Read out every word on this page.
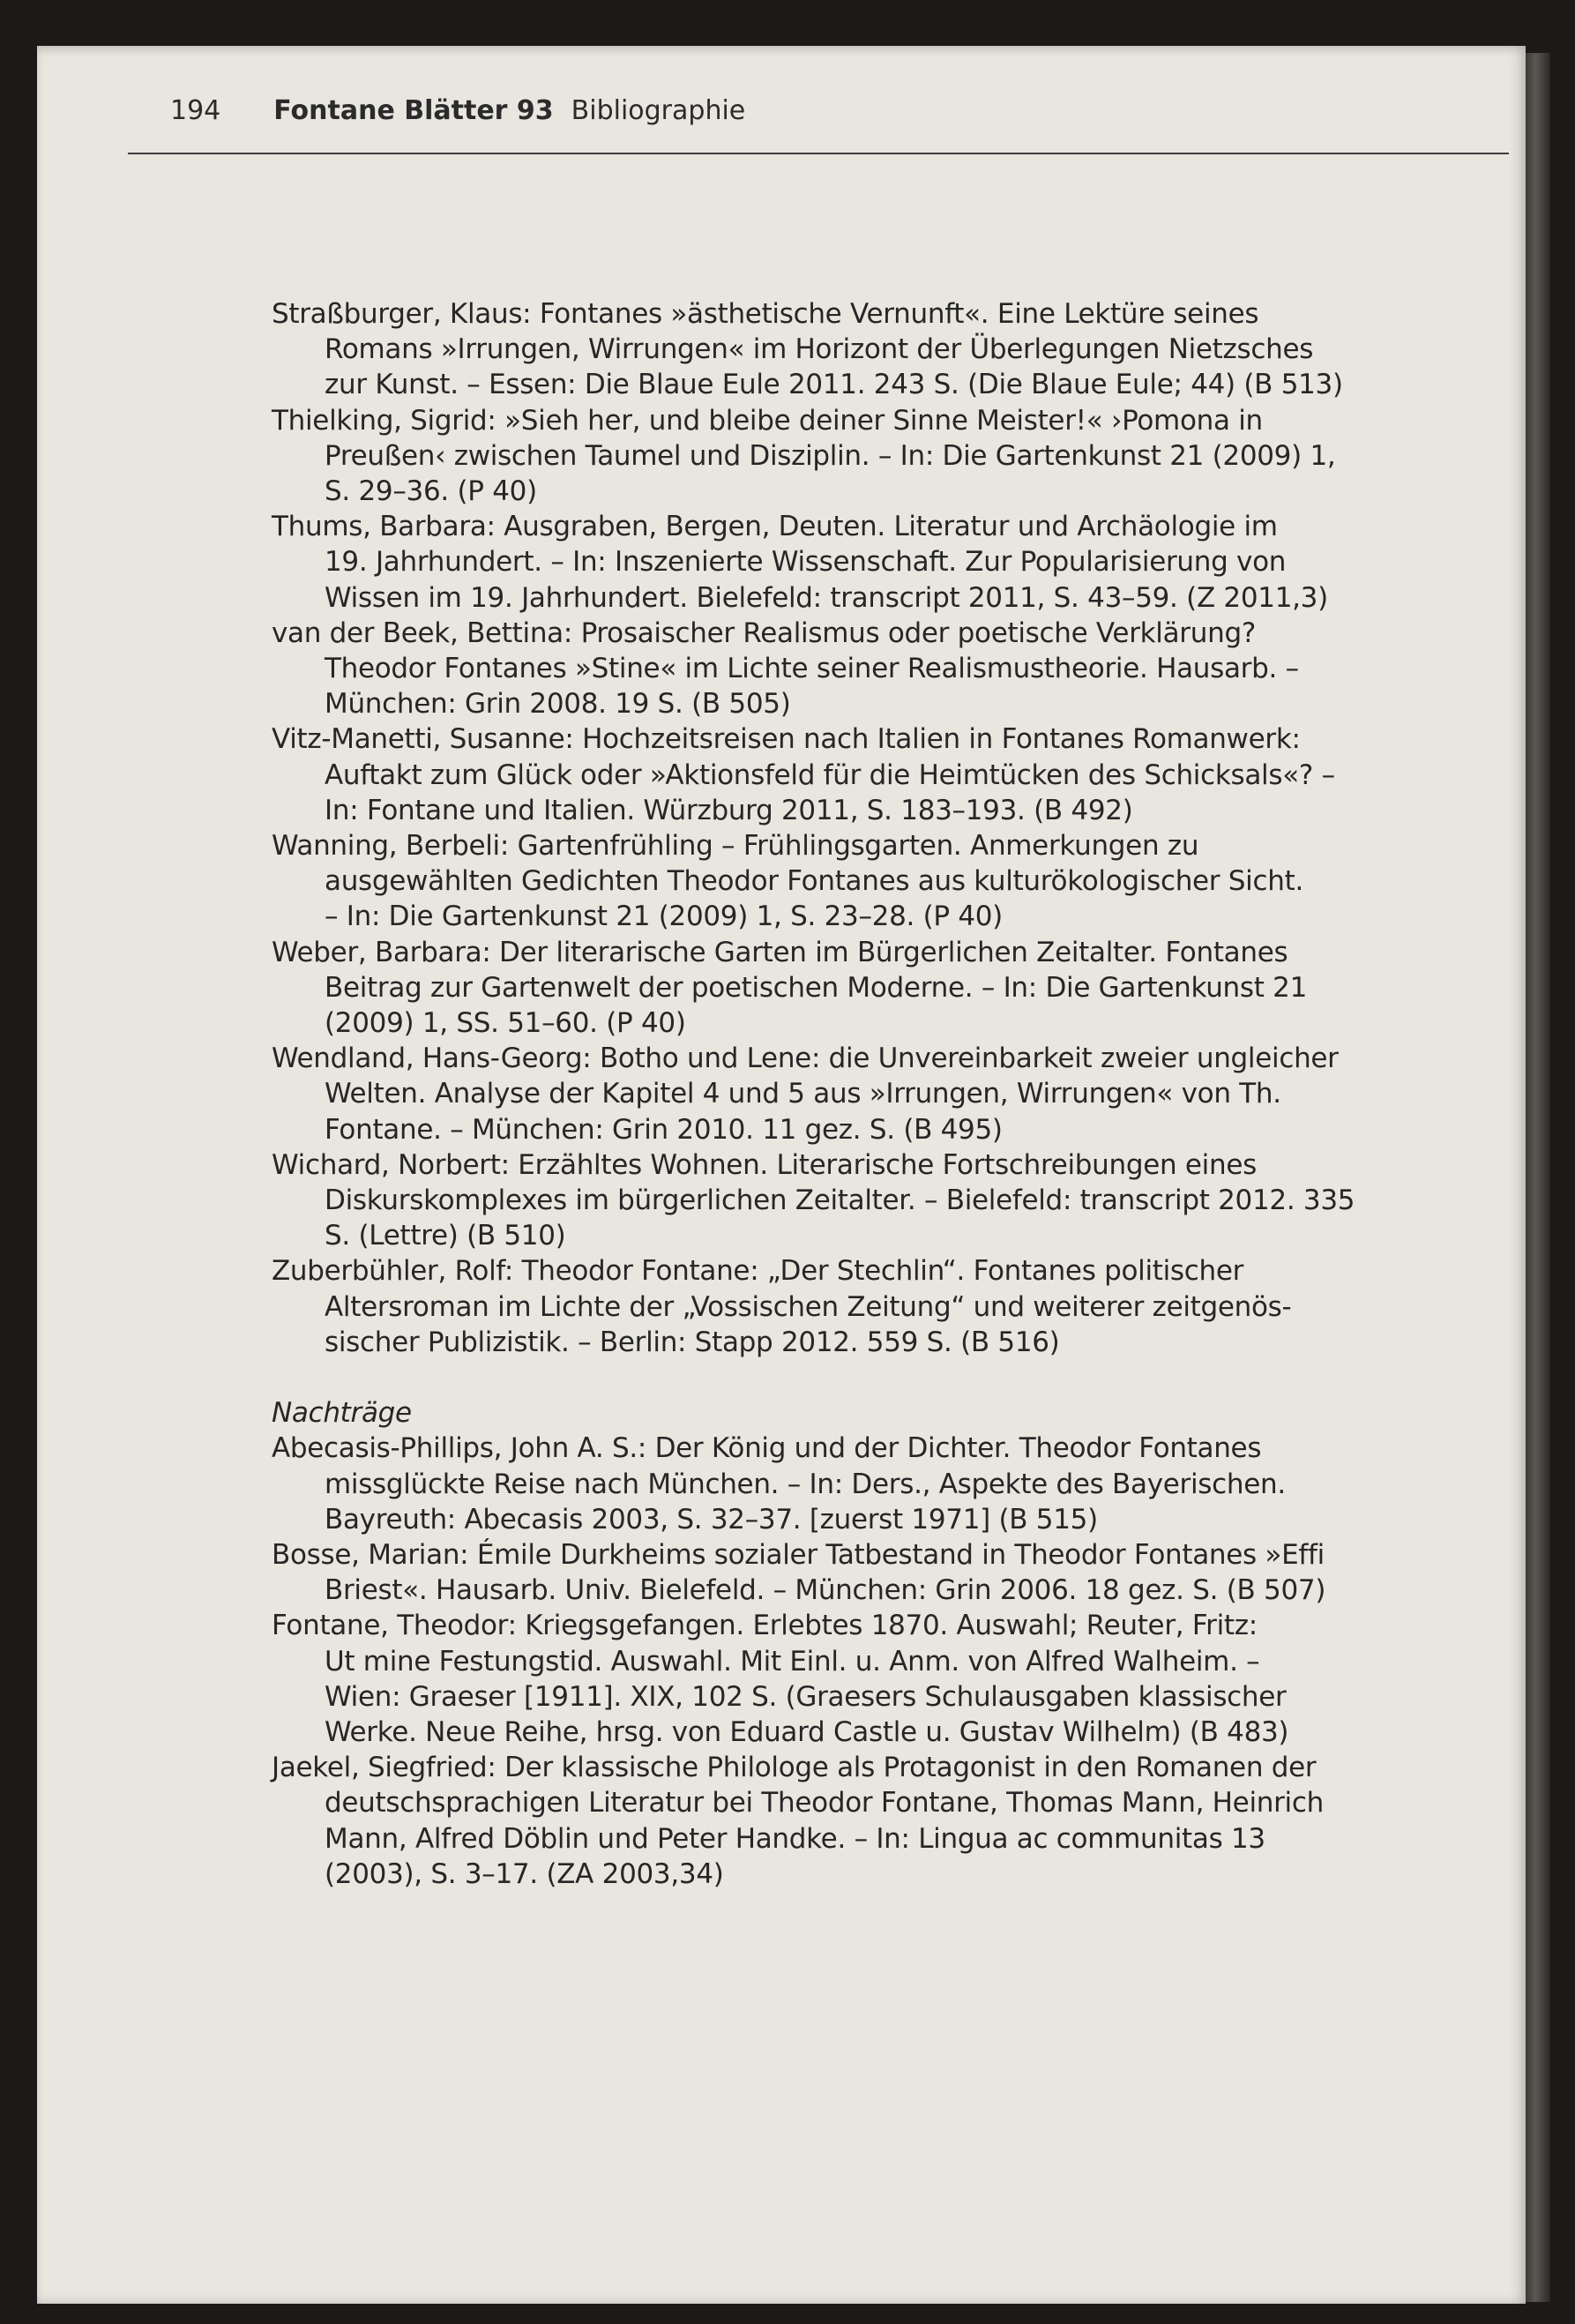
194 Fontane Blätter 93 Bibliographie

Straßburger, Klaus: Fontanes »ästhetische Vernunft«. Eine Lektüre seines
Romans »Irrungen, Wirrungen« im Horizont der Überlegungen Nietzsches
zur Kunst. – Essen: Die Blaue Eule 2011. 243 S. (Die Blaue Eule; 44) (B 513)

Thielking, Sigrid: »Sieh her, und bleibe deiner Sinne Meister!« ›Pomona in
Preußen‹ zwischen Taumel und Disziplin. – In: Die Gartenkunst 21 (2009) 1,
S. 29–36. (P 40)

Thums, Barbara: Ausgraben, Bergen, Deuten. Literatur und Archäologie im
19. Jahrhundert. – In: Inszenierte Wissenschaft. Zur Popularisierung von
Wissen im 19. Jahrhundert. Bielefeld: transcript 2011, S. 43–59. (Z 2011,3)

van der Beek, Bettina: Prosaischer Realismus oder poetische Verklärung?
Theodor Fontanes »Stine« im Lichte seiner Realismustheorie. Hausarb. –
München: Grin 2008. 19 S. (B 505)

Vitz-Manetti, Susanne: Hochzeitsreisen nach Italien in Fontanes Romanwerk:
Auftakt zum Glück oder »Aktionsfeld für die Heimtücken des Schicksals«? –
In: Fontane und Italien. Würzburg 2011, S. 183–193. (B 492)

Wanning, Berbeli: Gartenfrühling – Frühlingsgarten. Anmerkungen zu
ausgewählten Gedichten Theodor Fontanes aus kulturökologischer Sicht.
– In: Die Gartenkunst 21 (2009) 1, S. 23–28. (P 40)

Weber, Barbara: Der literarische Garten im Bürgerlichen Zeitalter. Fontanes
Beitrag zur Gartenwelt der poetischen Moderne. – In: Die Gartenkunst 21
(2009) 1, SS. 51–60. (P 40)

Wendland, Hans-Georg: Botho und Lene: die Unvereinbarkeit zweier ungleicher
Welten. Analyse der Kapitel 4 und 5 aus »Irrungen, Wirrungen« von Th.
Fontane. – München: Grin 2010. 11 gez. S. (B 495)

Wichard, Norbert: Erzähltes Wohnen. Literarische Fortschreibungen eines
Diskurskomplexes im bürgerlichen Zeitalter. – Bielefeld: transcript 2012. 335
S. (Lettre) (B 510)

Zuberbühler, Rolf: Theodor Fontane: „Der Stechlin“. Fontanes politischer
Altersroman im Lichte der „Vossischen Zeitung“ und weiterer zeitgenös-
sischer Publizistik. – Berlin: Stapp 2012. 559 S. (B 516)

Nachträge

Abecasis-Phillips, John A. S.: Der König und der Dichter. Theodor Fontanes
missglückte Reise nach München. – In: Ders., Aspekte des Bayerischen.
Bayreuth: Abecasis 2003, S. 32–37. [zuerst 1971] (B 515)

Bosse, Marian: Émile Durkheims sozialer Tatbestand in Theodor Fontanes »Effi
Briest«. Hausarb. Univ. Bielefeld. – München: Grin 2006. 18 gez. S. (B 507)

Fontane, Theodor: Kriegsgefangen. Erlebtes 1870. Auswahl; Reuter, Fritz:
Ut mine Festungstid. Auswahl. Mit Einl. u. Anm. von Alfred Walheim. –
Wien: Graeser [1911]. XIX, 102 S. (Graesers Schulausgaben klassischer
Werke. Neue Reihe, hrsg. von Eduard Castle u. Gustav Wilhelm) (B 483)

Jaekel, Siegfried: Der klassische Philologe als Protagonist in den Romanen der
deutschsprachigen Literatur bei Theodor Fontane, Thomas Mann, Heinrich
Mann, Alfred Döblin und Peter Handke. – In: Lingua ac communitas 13
(2003), S. 3–17. (ZA 2003,34)
